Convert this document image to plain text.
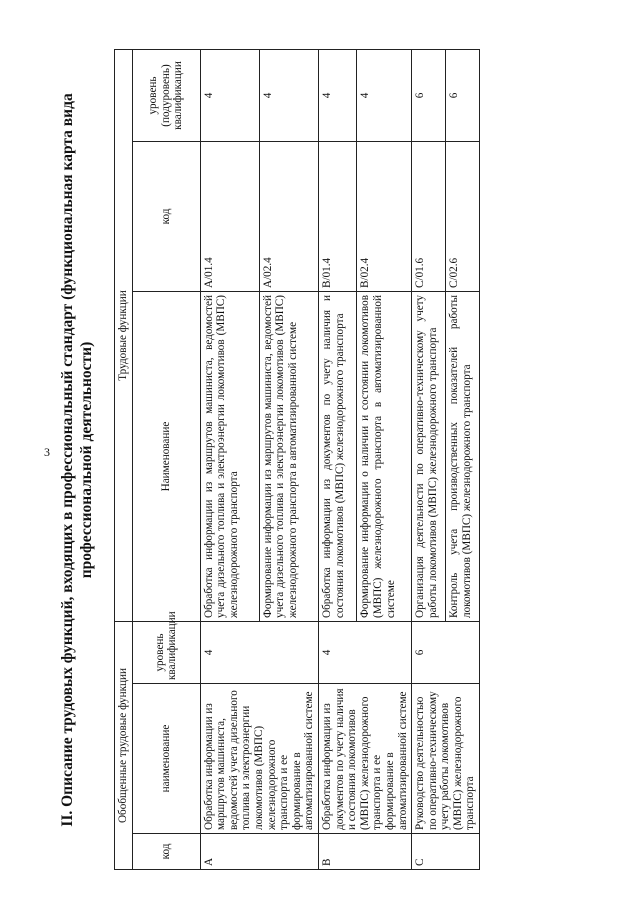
3 II. Описание трудовых функций, входящих в профессиональный стандарт (функциональная карта вида профессиональной деятельности)
Обобщенные трудовые функции			Трудовые функции		
код	наименование	уровень квалификации	Наименование	код	уровень (подуровень) квалификации
A	Обработка информации из маршрутов машиниста, ведомостей учета дизельного топлива и электроэнергии локомотивов (МВПС) железнодорожного транспорта и ее формирование в автоматизированной системе	4	Обработка информации из маршрутов машиниста, ведомостей учета дизельного топлива и электроэнергии локомотивов (МВПС) железнодорожного транспорта	A/01.4	4
			Формирование информации из маршрутов машиниста, ведомостей учета дизельного топлива и электроэнергии локомотивов (МВПС) железнодорожного транспорта в автоматизированной системе	A/02.4	4
B	Обработка информации из документов по учету наличия и состояния локомотивов (МВПС) железнодорожного транспорта и ее формирование в автоматизированной системе	4	Обработка информации из документов по учету наличия и состояния локомотивов (МВПС) железнодорожного транспорта	B/01.4	4
			Формирование информации о наличии и состоянии локомотивов (МВПС) железнодорожного транспорта в автоматизированной системе	B/02.4	4
C	Руководство деятельностью по оперативно-техническому учету работы локомотивов (МВПС) железнодорожного транспорта	6	Организация деятельности по оперативно-техническому учету работы локомотивов (МВПС) железнодорожного транспорта	C/01.6	6
			Контроль учета производственных показателей работы локомотивов (МВПС) железнодорожного транспорта	C/02.6	6
